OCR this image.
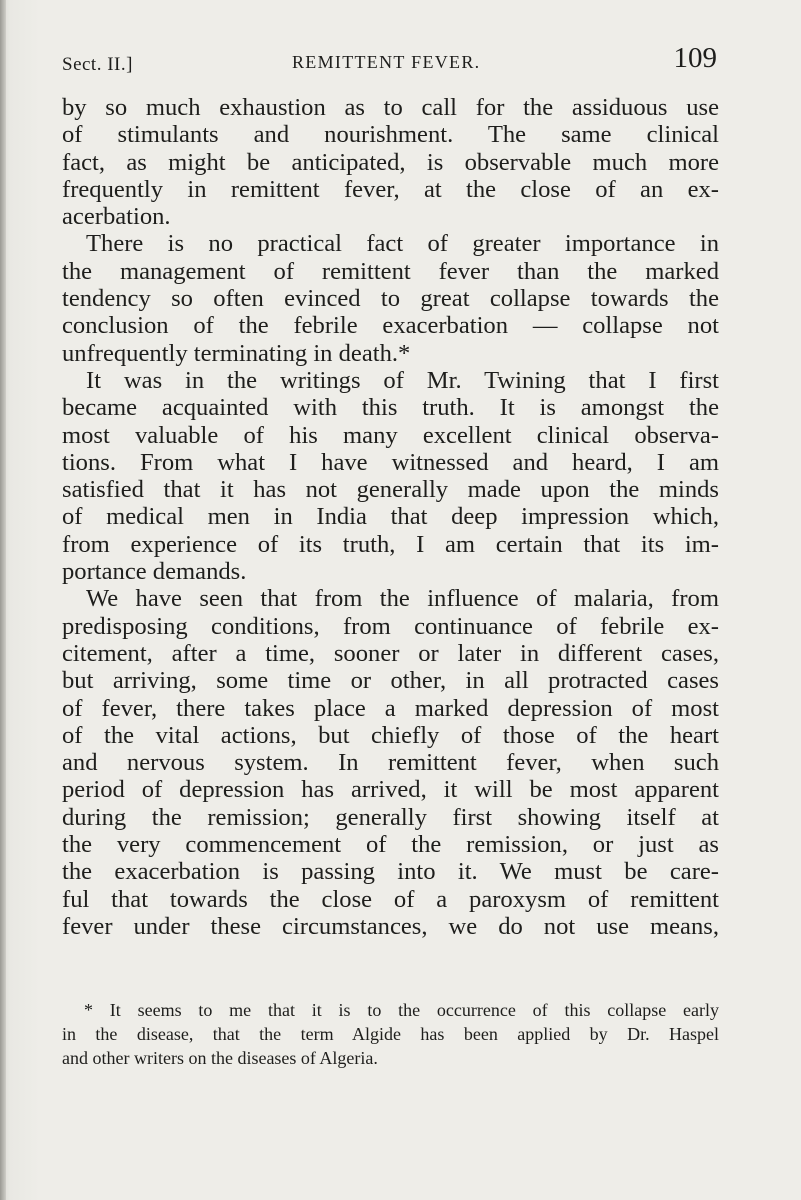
Sect. II.]	REMITTENT FEVER.	109
by so much exhaustion as to call for the assiduous use
of stimulants and nourishment. The same clinical
fact, as might be anticipated, is observable much more
frequently in remittent fever, at the close of an ex-
acerbation.
There is no practical fact of greater importance in
the management of remittent fever than the marked
tendency so often evinced to great collapse towards the
conclusion of the febrile exacerbation — collapse not
unfrequently terminating in death.*
It was in the writings of Mr. Twining that I first
became acquainted with this truth. It is amongst the
most valuable of his many excellent clinical observa-
tions. From what I have witnessed and heard, I am
satisfied that it has not generally made upon the minds
of medical men in India that deep impression which,
from experience of its truth, I am certain that its im-
portance demands.
We have seen that from the influence of malaria, from
predisposing conditions, from continuance of febrile ex-
citement, after a time, sooner or later in different cases,
but arriving, some time or other, in all protracted cases
of fever, there takes place a marked depression of most
of the vital actions, but chiefly of those of the heart
and nervous system. In remittent fever, when such
period of depression has arrived, it will be most apparent
during the remission; generally first showing itself at
the very commencement of the remission, or just as
the exacerbation is passing into it. We must be care-
ful that towards the close of a paroxysm of remittent
fever under these circumstances, we do not use means,
* It seems to me that it is to the occurrence of this collapse early
in the disease, that the term Algide has been applied by Dr. Haspel
and other writers on the diseases of Algeria.
